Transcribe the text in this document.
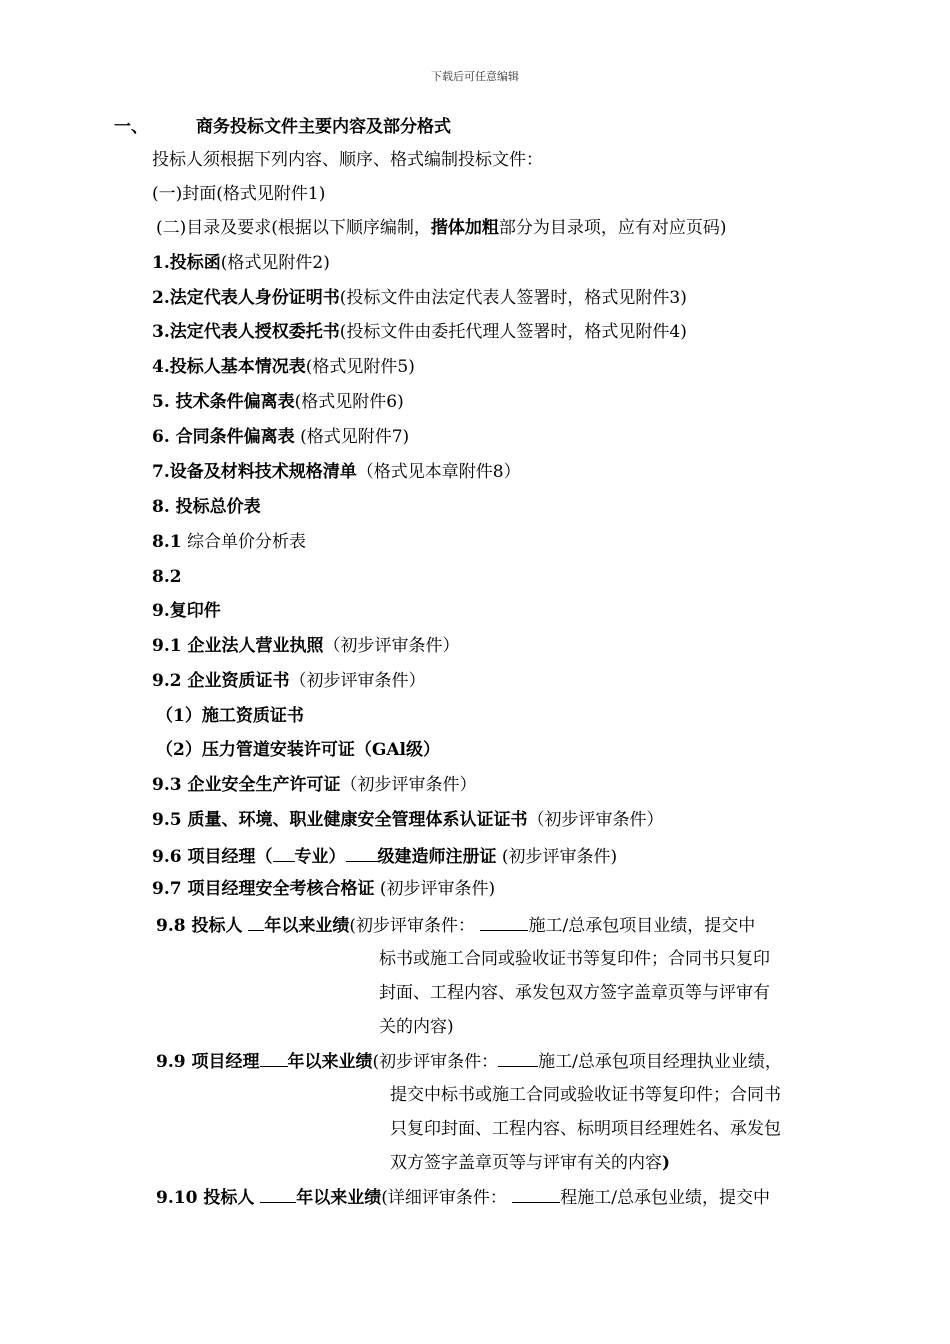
下载后可任意编辑
一、	商务投标文件主要内容及部分格式
投标人须根据下列内容、顺序、格式编制投标文件：
(一)封面(格式见附件1)
(二)目录及要求(根据以下顺序编制，揩体加粗部分为目录项，应有对应页码)
1.投标函(格式见附件2)
2.法定代表人身份证明书(投标文件由法定代表人签署时，格式见附件3)
3.法定代表人授权委托书(投标文件由委托代理人签署时，格式见附件4)
4.投标人基本情况表(格式见附件5)
5. 技术条件偏离表(格式见附件6)
6. 合同条件偏离表 (格式见附件7)
7.设备及材料技术规格清单（格式见本章附件8）
8. 投标总价表
8.1 综合单价分析表
8.2
9.复印件
9.1 企业法人营业执照（初步评审条件）
9.2 企业资质证书（初步评审条件）
（1）施工资质证书
（2）压力管道安装许可证（GAl级）
9.3 企业安全生产许可证（初步评审条件）
9.5 质量、环境、职业健康安全管理体系认证证书（初步评审条件）
9.6 项目经理（ 专业） 级建造师注册证 (初步评审条件)
9.7 项目经理安全考核合格证 (初步评审条件)
9.8 投标人 年以来业绩(初步评审条件：	施工/总承包项目业绩，提交中
标书或施工合同或验收证书等复印件；合同书只复印
封面、工程内容、承发包双方签字盖章页等与评审有
关的内容)
9.9 项目经理 年以来业绩(初步评审条件： 施工/总承包项目经理执业业绩，
提交中标书或施工合同或验收证书等复印件；合同书
只复印封面、工程内容、标明项目经理姓名、承发包
双方签字盖章页等与评审有关的内容)
9.10 投标人 年以来业绩(详细评审条件：	程施工/总承包业绩，提交中
